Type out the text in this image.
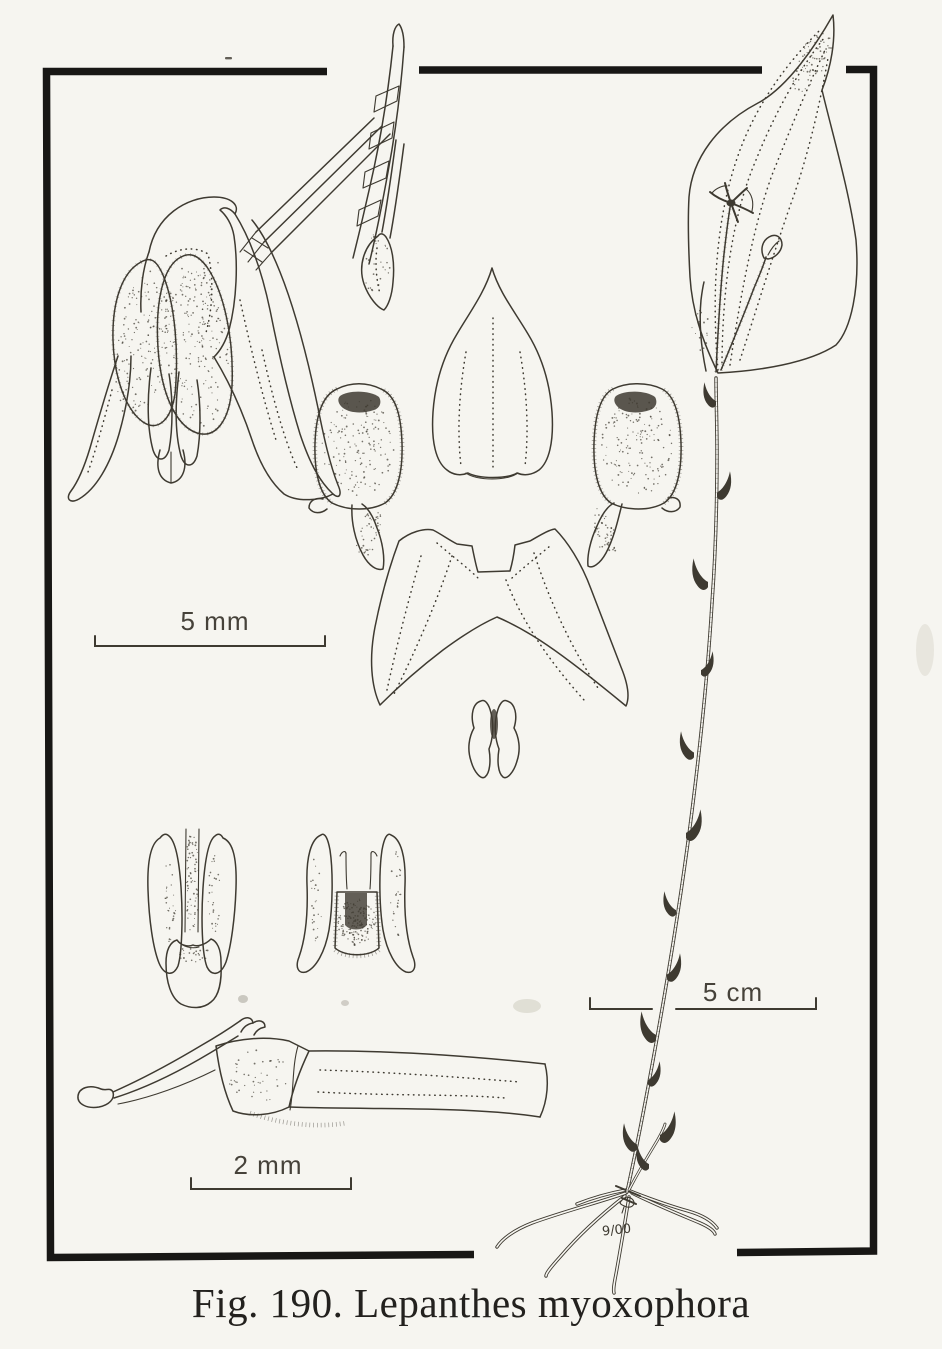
5 mm
5 cm
2 mm
9/00
Fig. 190. Lepanthes myoxophora
